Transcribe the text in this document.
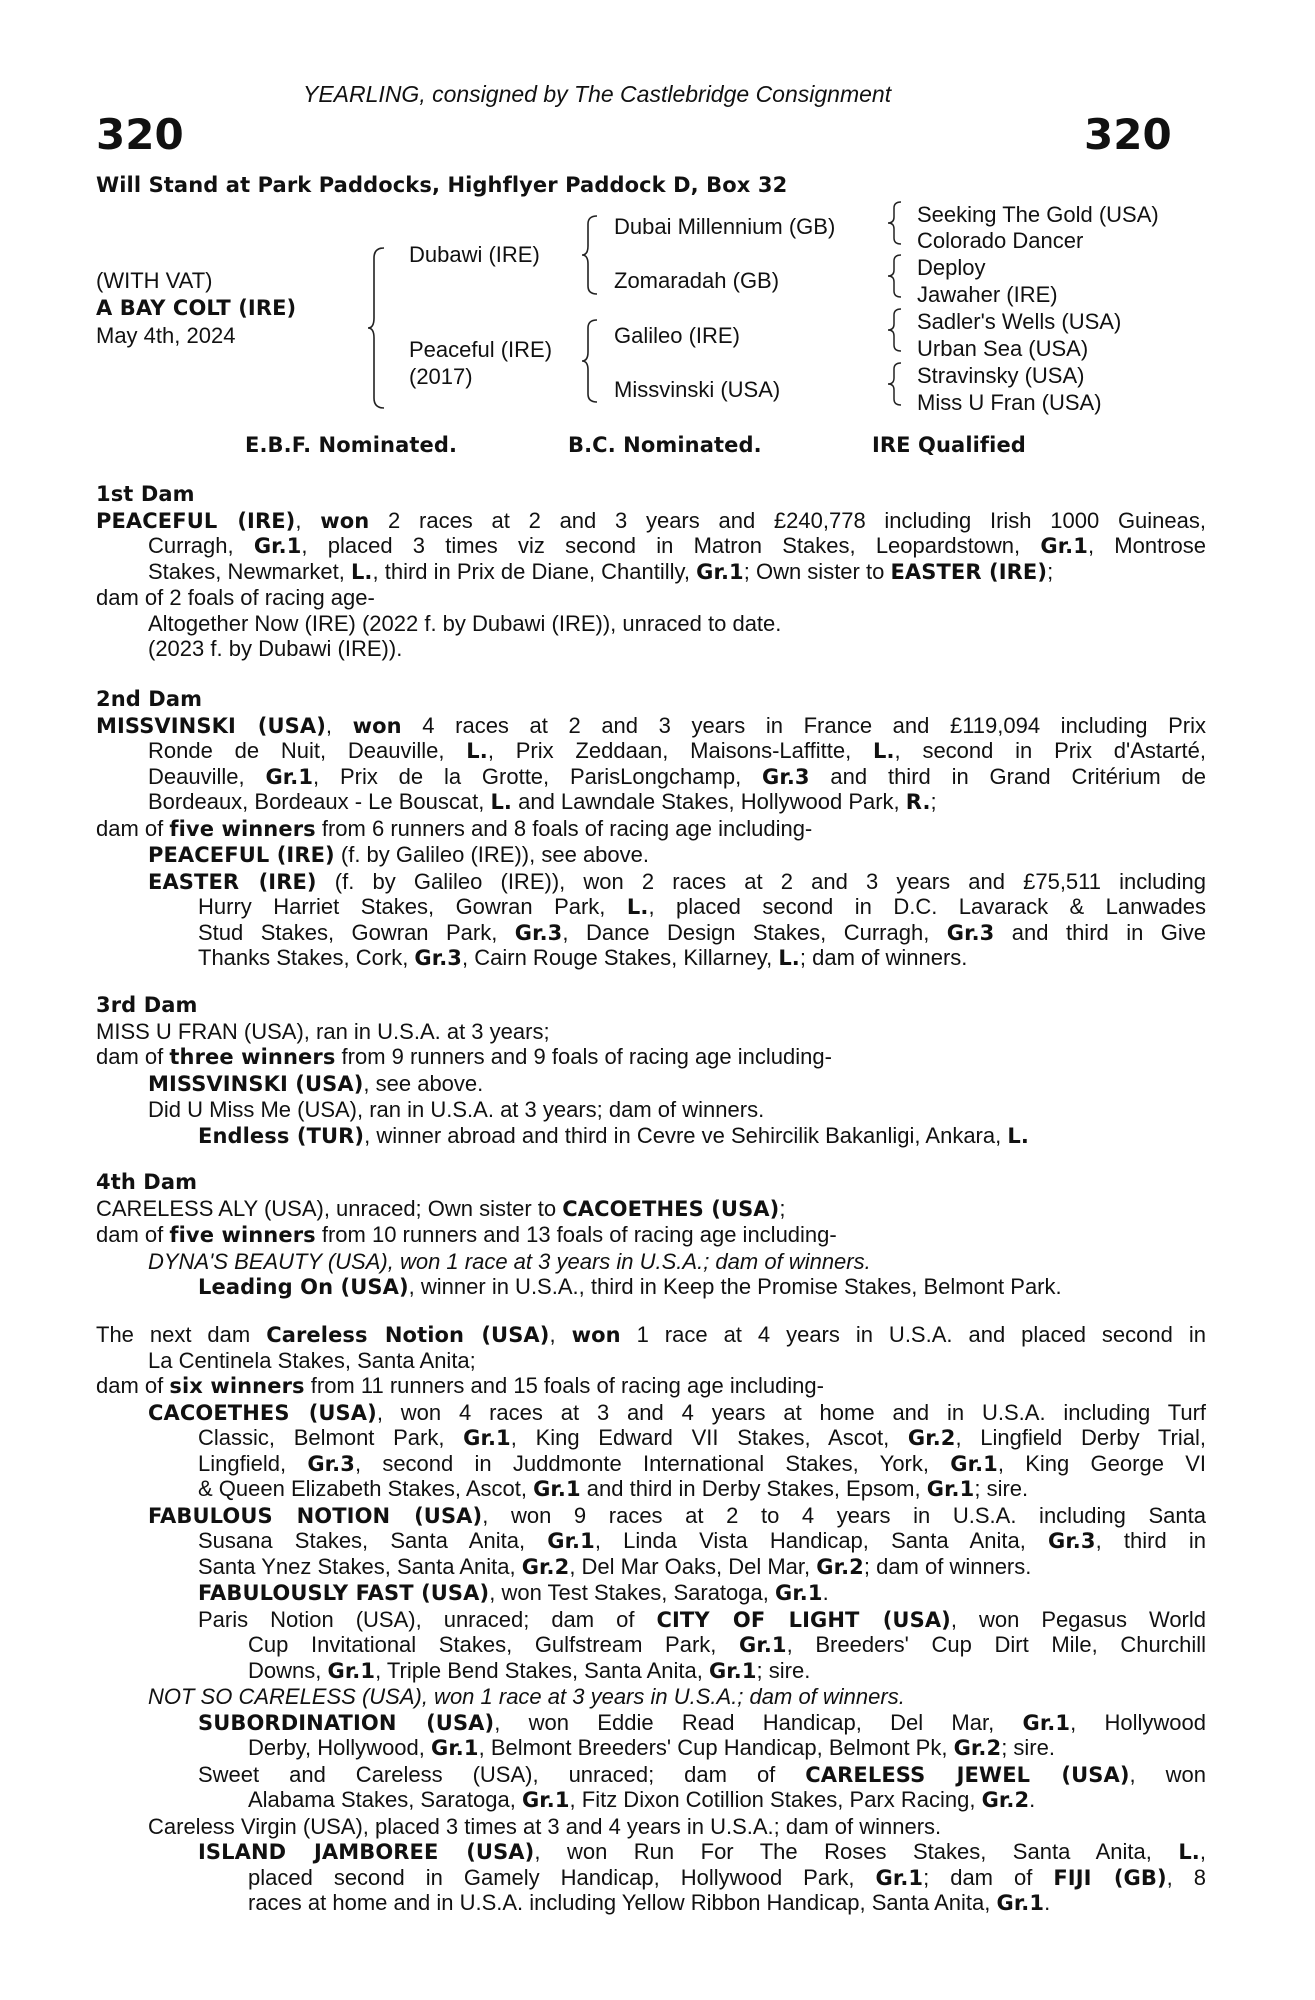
YEARLING, consigned by The Castlebridge Consignment
320	320
Will Stand at Park Paddocks, Highflyer Paddock D, Box 32
(WITH VAT)
A BAY COLT (IRE)
May 4th, 2024
Dubawi (IRE)
Peaceful (IRE)
(2017)
Dubai Millennium (GB)
Zomaradah (GB)
Galileo (IRE)
Missvinski (USA)
Seeking The Gold (USA)
Colorado Dancer
Deploy
Jawaher (IRE)
Sadler's Wells (USA)
Urban Sea (USA)
Stravinsky (USA)
Miss U Fran (USA)
E.B.F. Nominated.	B.C. Nominated.	IRE Qualified
1st Dam
PEACEFUL (IRE), won 2 races at 2 and 3 years and £240,778 including Irish 1000 Guineas,
Curragh, Gr.1, placed 3 times viz second in Matron Stakes, Leopardstown, Gr.1, Montrose
Stakes, Newmarket, L., third in Prix de Diane, Chantilly, Gr.1; Own sister to EASTER (IRE);
dam of 2 foals of racing age-
Altogether Now (IRE) (2022 f. by Dubawi (IRE)), unraced to date.
(2023 f. by Dubawi (IRE)).
2nd Dam
MISSVINSKI (USA), won 4 races at 2 and 3 years in France and £119,094 including Prix
Ronde de Nuit, Deauville, L., Prix Zeddaan, Maisons-Laffitte, L., second in Prix d'Astarté,
Deauville, Gr.1, Prix de la Grotte, ParisLongchamp, Gr.3 and third in Grand Critérium de
Bordeaux, Bordeaux - Le Bouscat, L. and Lawndale Stakes, Hollywood Park, R.;
dam of five winners from 6 runners and 8 foals of racing age including-
PEACEFUL (IRE) (f. by Galileo (IRE)), see above.
EASTER (IRE) (f. by Galileo (IRE)), won 2 races at 2 and 3 years and £75,511 including
Hurry Harriet Stakes, Gowran Park, L., placed second in D.C. Lavarack & Lanwades
Stud Stakes, Gowran Park, Gr.3, Dance Design Stakes, Curragh, Gr.3 and third in Give
Thanks Stakes, Cork, Gr.3, Cairn Rouge Stakes, Killarney, L.; dam of winners.
3rd Dam
MISS U FRAN (USA), ran in U.S.A. at 3 years;
dam of three winners from 9 runners and 9 foals of racing age including-
MISSVINSKI (USA), see above.
Did U Miss Me (USA), ran in U.S.A. at 3 years; dam of winners.
Endless (TUR), winner abroad and third in Cevre ve Sehircilik Bakanligi, Ankara, L.
4th Dam
CARELESS ALY (USA), unraced; Own sister to CACOETHES (USA);
dam of five winners from 10 runners and 13 foals of racing age including-
DYNA'S BEAUTY (USA), won 1 race at 3 years in U.S.A.; dam of winners.
Leading On (USA), winner in U.S.A., third in Keep the Promise Stakes, Belmont Park.
The next dam Careless Notion (USA), won 1 race at 4 years in U.S.A. and placed second in
La Centinela Stakes, Santa Anita;
dam of six winners from 11 runners and 15 foals of racing age including-
CACOETHES (USA), won 4 races at 3 and 4 years at home and in U.S.A. including Turf
Classic, Belmont Park, Gr.1, King Edward VII Stakes, Ascot, Gr.2, Lingfield Derby Trial,
Lingfield, Gr.3, second in Juddmonte International Stakes, York, Gr.1, King George VI
& Queen Elizabeth Stakes, Ascot, Gr.1 and third in Derby Stakes, Epsom, Gr.1; sire.
FABULOUS NOTION (USA), won 9 races at 2 to 4 years in U.S.A. including Santa
Susana Stakes, Santa Anita, Gr.1, Linda Vista Handicap, Santa Anita, Gr.3, third in
Santa Ynez Stakes, Santa Anita, Gr.2, Del Mar Oaks, Del Mar, Gr.2; dam of winners.
FABULOUSLY FAST (USA), won Test Stakes, Saratoga, Gr.1.
Paris Notion (USA), unraced; dam of CITY OF LIGHT (USA), won Pegasus World
Cup Invitational Stakes, Gulfstream Park, Gr.1, Breeders' Cup Dirt Mile, Churchill
Downs, Gr.1, Triple Bend Stakes, Santa Anita, Gr.1; sire.
NOT SO CARELESS (USA), won 1 race at 3 years in U.S.A.; dam of winners.
SUBORDINATION (USA), won Eddie Read Handicap, Del Mar, Gr.1, Hollywood
Derby, Hollywood, Gr.1, Belmont Breeders' Cup Handicap, Belmont Pk, Gr.2; sire.
Sweet and Careless (USA), unraced; dam of CARELESS JEWEL (USA), won
Alabama Stakes, Saratoga, Gr.1, Fitz Dixon Cotillion Stakes, Parx Racing, Gr.2.
Careless Virgin (USA), placed 3 times at 3 and 4 years in U.S.A.; dam of winners.
ISLAND JAMBOREE (USA), won Run For The Roses Stakes, Santa Anita, L.,
placed second in Gamely Handicap, Hollywood Park, Gr.1; dam of FIJI (GB), 8
races at home and in U.S.A. including Yellow Ribbon Handicap, Santa Anita, Gr.1.
